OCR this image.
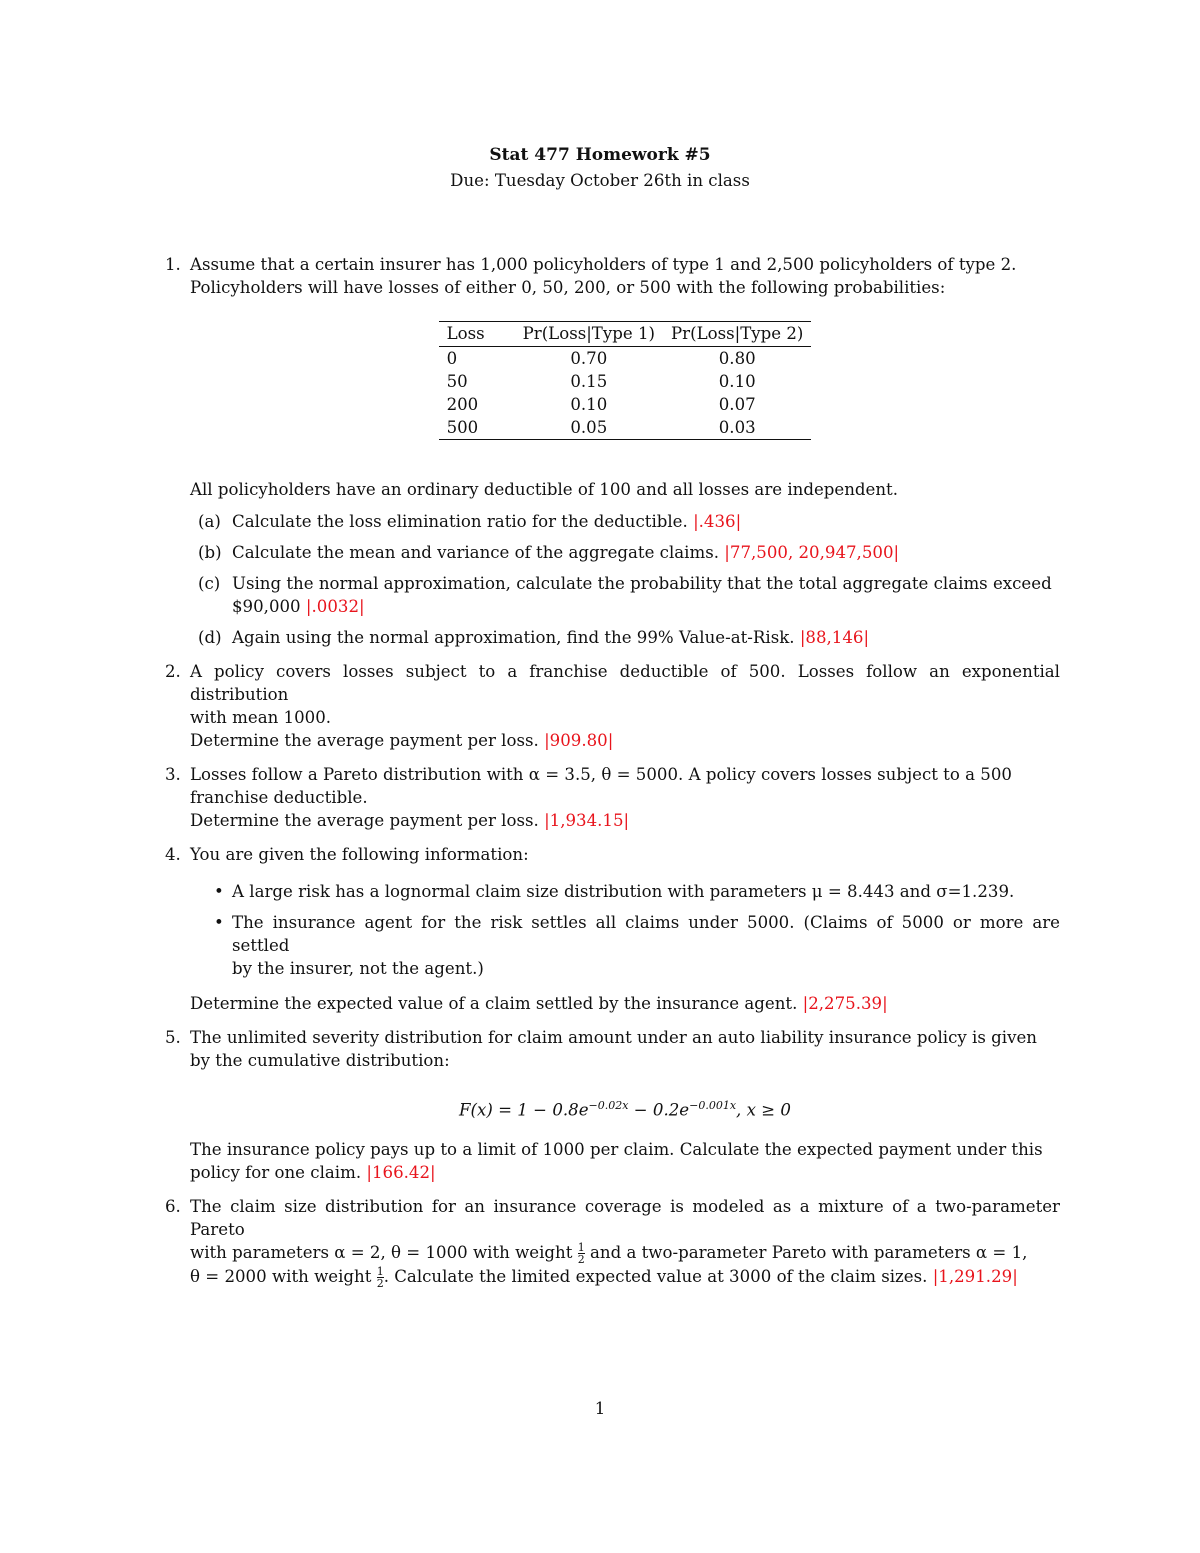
Stat 477 Homework #5
Due: Tuesday October 26th in class
1. Assume that a certain insurer has 1,000 policyholders of type 1 and 2,500 policyholders of type 2.
Policyholders will have losses of either 0, 50, 200, or 500 with the following probabilities:
Loss	Pr(Loss|Type 1)	Pr(Loss|Type 2)
0	0.70	0.80
50	0.15	0.10
200	0.10	0.07
500	0.05	0.03
All policyholders have an ordinary deductible of 100 and all losses are independent.
(a) Calculate the loss elimination ratio for the deductible. |.436|
(b) Calculate the mean and variance of the aggregate claims. |77,500, 20,947,500|
(c) Using the normal approximation, calculate the probability that the total aggregate claims exceed
$90,000 |.0032|
(d) Again using the normal approximation, find the 99% Value-at-Risk. |88,146|
2. A policy covers losses subject to a franchise deductible of 500. Losses follow an exponential distribution
with mean 1000.
Determine the average payment per loss. |909.80|
3. Losses follow a Pareto distribution with α = 3.5, θ = 5000. A policy covers losses subject to a 500
franchise deductible.
Determine the average payment per loss. |1,934.15|
4. You are given the following information:
• A large risk has a lognormal claim size distribution with parameters μ = 8.443 and σ=1.239.
• The insurance agent for the risk settles all claims under 5000. (Claims of 5000 or more are settled
by the insurer, not the agent.)
Determine the expected value of a claim settled by the insurance agent. |2,275.39|
5. The unlimited severity distribution for claim amount under an auto liability insurance policy is given
by the cumulative distribution:
$F(x) = 1 - 0.8e^{-0.02x} - 0.2e^{-0.001x}$, x ≥ 0
The insurance policy pays up to a limit of 1000 per claim. Calculate the expected payment under this
policy for one claim. |166.42|
6. The claim size distribution for an insurance coverage is modeled as a mixture of a two-parameter Pareto
with parameters α = 2, θ = 1000 with weight $\frac{1}{2}$ and a two-parameter Pareto with parameters α = 1,
θ = 2000 with weight $\frac{1}{2}$ . Calculate the limited expected value at 3000 of the claim sizes. |1,291.29|
1
